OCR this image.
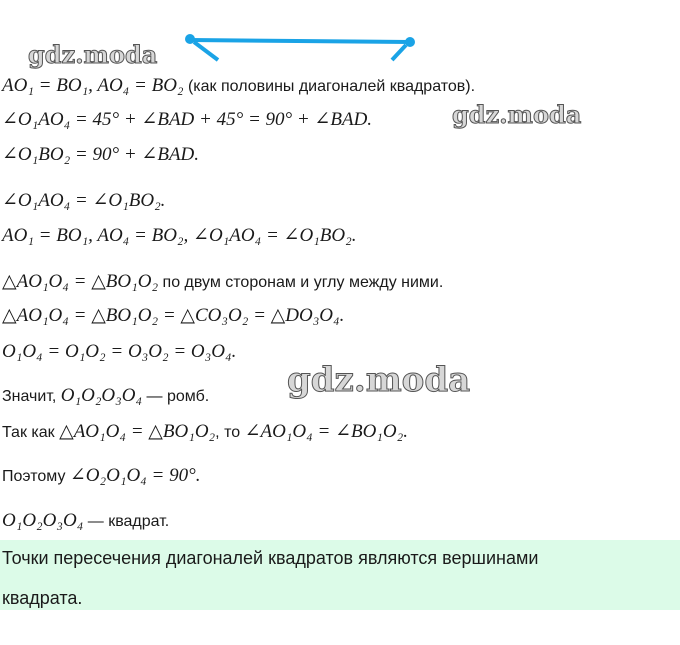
gdz.moda
gdz.moda
gdz.moda
AO₁ = BO₁, AO₄ = BO₂ (как половины диагоналей квадратов).
∠O₁AO₄ = 45° + ∠BAD + 45° = 90° + ∠BAD.
∠O₁BO₂ = 90° + ∠BAD.
∠O₁AO₄ = ∠O₁BO₂.
AO₁ = BO₁, AO₄ = BO₂, ∠O₁AO₄ = ∠O₁BO₂.
△AO₁O₄ = △BO₁O₂ по двум сторонам и углу между ними.
△AO₁O₄ = △BO₁O₂ = △CO₃O₂ = △DO₃O₄.
O₁O₄ = O₁O₂ = O₃O₂ = O₃O₄.
Значит, O₁O₂O₃O₄ — ромб.
Так как △AO₁O₄ = △BO₁O₂, то ∠AO₁O₄ = ∠BO₁O₂.
Поэтому ∠O₂O₁O₄ = 90°.
O₁O₂O₃O₄ — квадрат.
Точки пересечения диагоналей квадратов являются вершинами
квадрата.
